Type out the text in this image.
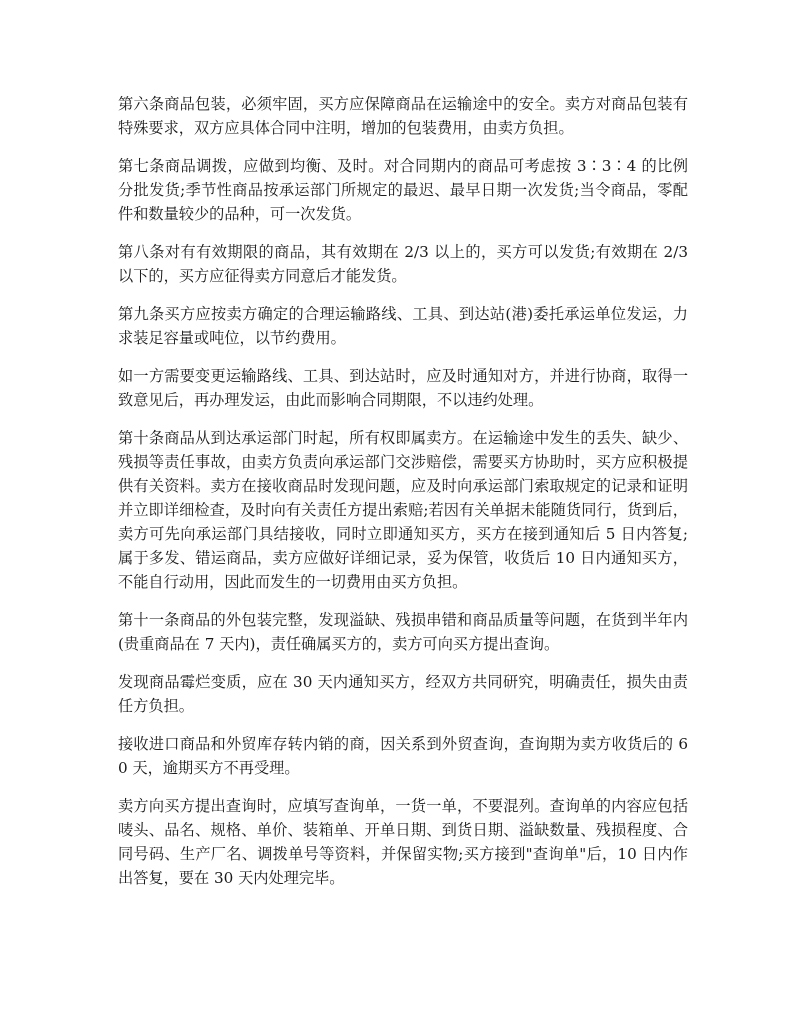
第六条商品包装，必须牢固，买方应保障商品在运输途中的安全。卖方对商品包装有特殊要求，双方应具体合同中注明，增加的包装费用，由卖方负担。

第七条商品调拨，应做到均衡、及时。对合同期内的商品可考虑按 3∶3∶4 的比例分批发货;季节性商品按承运部门所规定的最迟、最早日期一次发货;当令商品，零配件和数量较少的品种，可一次发货。

第八条对有有效期限的商品，其有效期在 2/3 以上的，买方可以发货;有效期在 2/3 以下的，买方应征得卖方同意后才能发货。

第九条买方应按卖方确定的合理运输路线、工具、到达站(港)委托承运单位发运，力求装足容量或吨位，以节约费用。

如一方需要变更运输路线、工具、到达站时，应及时通知对方，并进行协商，取得一致意见后，再办理发运，由此而影响合同期限，不以违约处理。

第十条商品从到达承运部门时起，所有权即属卖方。在运输途中发生的丢失、缺少、残损等责任事故，由卖方负责向承运部门交涉赔偿，需要买方协助时，买方应积极提供有关资料。卖方在接收商品时发现问题，应及时向承运部门索取规定的记录和证明并立即详细检查，及时向有关责任方提出索赔;若因有关单据未能随货同行，货到后，卖方可先向承运部门具结接收，同时立即通知买方，买方在接到通知后 5 日内答复;属于多发、错运商品，卖方应做好详细记录，妥为保管，收货后 10 日内通知买方，不能自行动用，因此而发生的一切费用由买方负担。

第十一条商品的外包装完整，发现溢缺、残损串错和商品质量等问题，在货到半年内(贵重商品在 7 天内)，责任确属买方的，卖方可向买方提出查询。

发现商品霉烂变质，应在 30 天内通知买方，经双方共同研究，明确责任，损失由责任方负担。

接收进口商品和外贸库存转内销的商，因关系到外贸查询，查询期为卖方收货后的 60 天，逾期买方不再受理。

卖方向买方提出查询时，应填写查询单，一货一单，不要混列。查询单的内容应包括唛头、品名、规格、单价、装箱单、开单日期、到货日期、溢缺数量、残损程度、合同号码、生产厂名、调拨单号等资料，并保留实物;买方接到"查询单"后，10 日内作出答复，要在 30 天内处理完毕。
